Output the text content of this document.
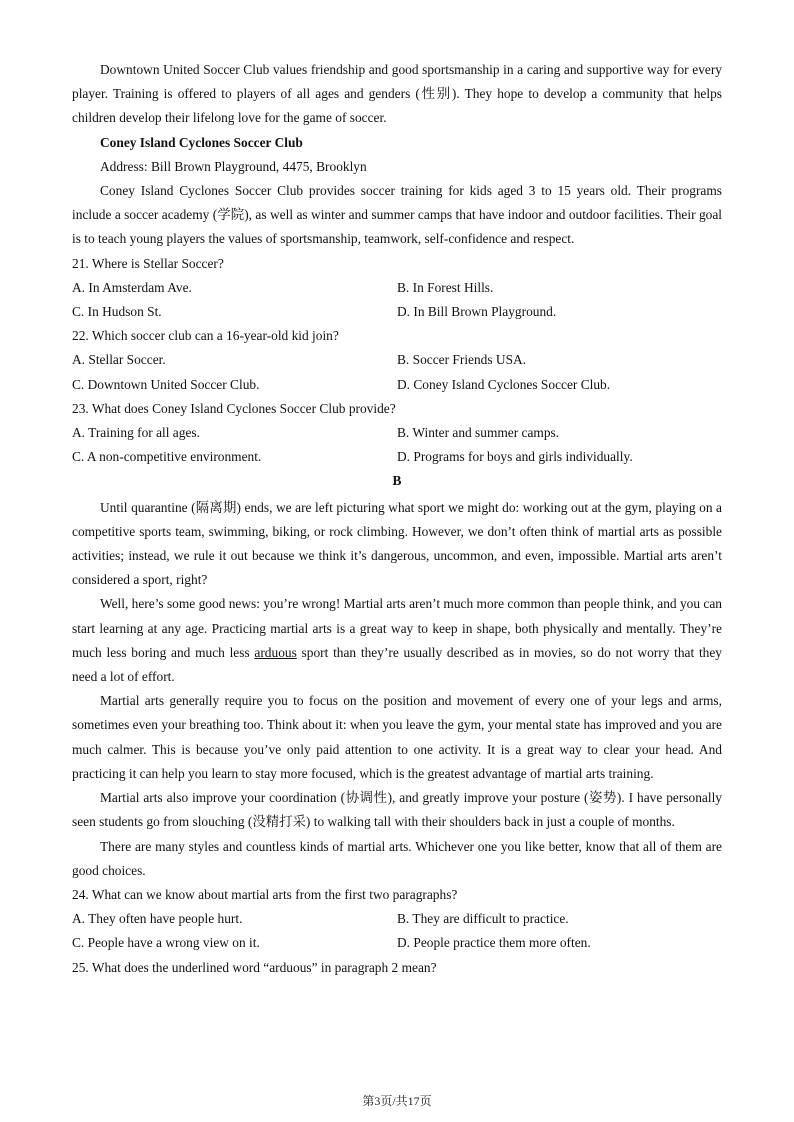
Downtown United Soccer Club values friendship and good sportsmanship in a caring and supportive way for every player. Training is offered to players of all ages and genders (性别). They hope to develop a community that helps children develop their lifelong love for the game of soccer.

Coney Island Cyclones Soccer Club

Address: Bill Brown Playground, 4475, Brooklyn

Coney Island Cyclones Soccer Club provides soccer training for kids aged 3 to 15 years old. Their programs include a soccer academy (学院), as well as winter and summer camps that have indoor and outdoor facilities. Their goal is to teach young players the values of sportsmanship, teamwork, self-confidence and respect.

21. Where is Stellar Soccer?

A. In Amsterdam Ave.	B. In Forest Hills.
C. In Hudson St.	D. In Bill Brown Playground.

22. Which soccer club can a 16-year-old kid join?

A. Stellar Soccer.	B. Soccer Friends USA.
C. Downtown United Soccer Club.	D. Coney Island Cyclones Soccer Club.

23. What does Coney Island Cyclones Soccer Club provide?

A. Training for all ages.	B. Winter and summer camps.
C. A non-competitive environment.	D. Programs for boys and girls individually.

B

Until quarantine (隔离期) ends, we are left picturing what sport we might do: working out at the gym, playing on a competitive sports team, swimming, biking, or rock climbing. However, we don’t often think of martial arts as possible activities; instead, we rule it out because we think it’s dangerous, uncommon, and even, impossible. Martial arts aren’t considered a sport, right?

Well, here’s some good news: you’re wrong! Martial arts aren’t much more common than people think, and you can start learning at any age. Practicing martial arts is a great way to keep in shape, both physically and mentally. They’re much less boring and much less arduous sport than they’re usually described as in movies, so do not worry that they need a lot of effort.

Martial arts generally require you to focus on the position and movement of every one of your legs and arms, sometimes even your breathing too. Think about it: when you leave the gym, your mental state has improved and you are much calmer. This is because you’ve only paid attention to one activity. It is a great way to clear your head. And practicing it can help you learn to stay more focused, which is the greatest advantage of martial arts training.

Martial arts also improve your coordination (协调性), and greatly improve your posture (姿势). I have personally seen students go from slouching (没精打采) to walking tall with their shoulders back in just a couple of months.

There are many styles and countless kinds of martial arts. Whichever one you like better, know that all of them are good choices.

24. What can we know about martial arts from the first two paragraphs?

A. They often have people hurt.	B. They are difficult to practice.
C. People have a wrong view on it.	D. People practice them more often.

25. What does the underlined word “arduous” in paragraph 2 mean?

第3页/共17页
